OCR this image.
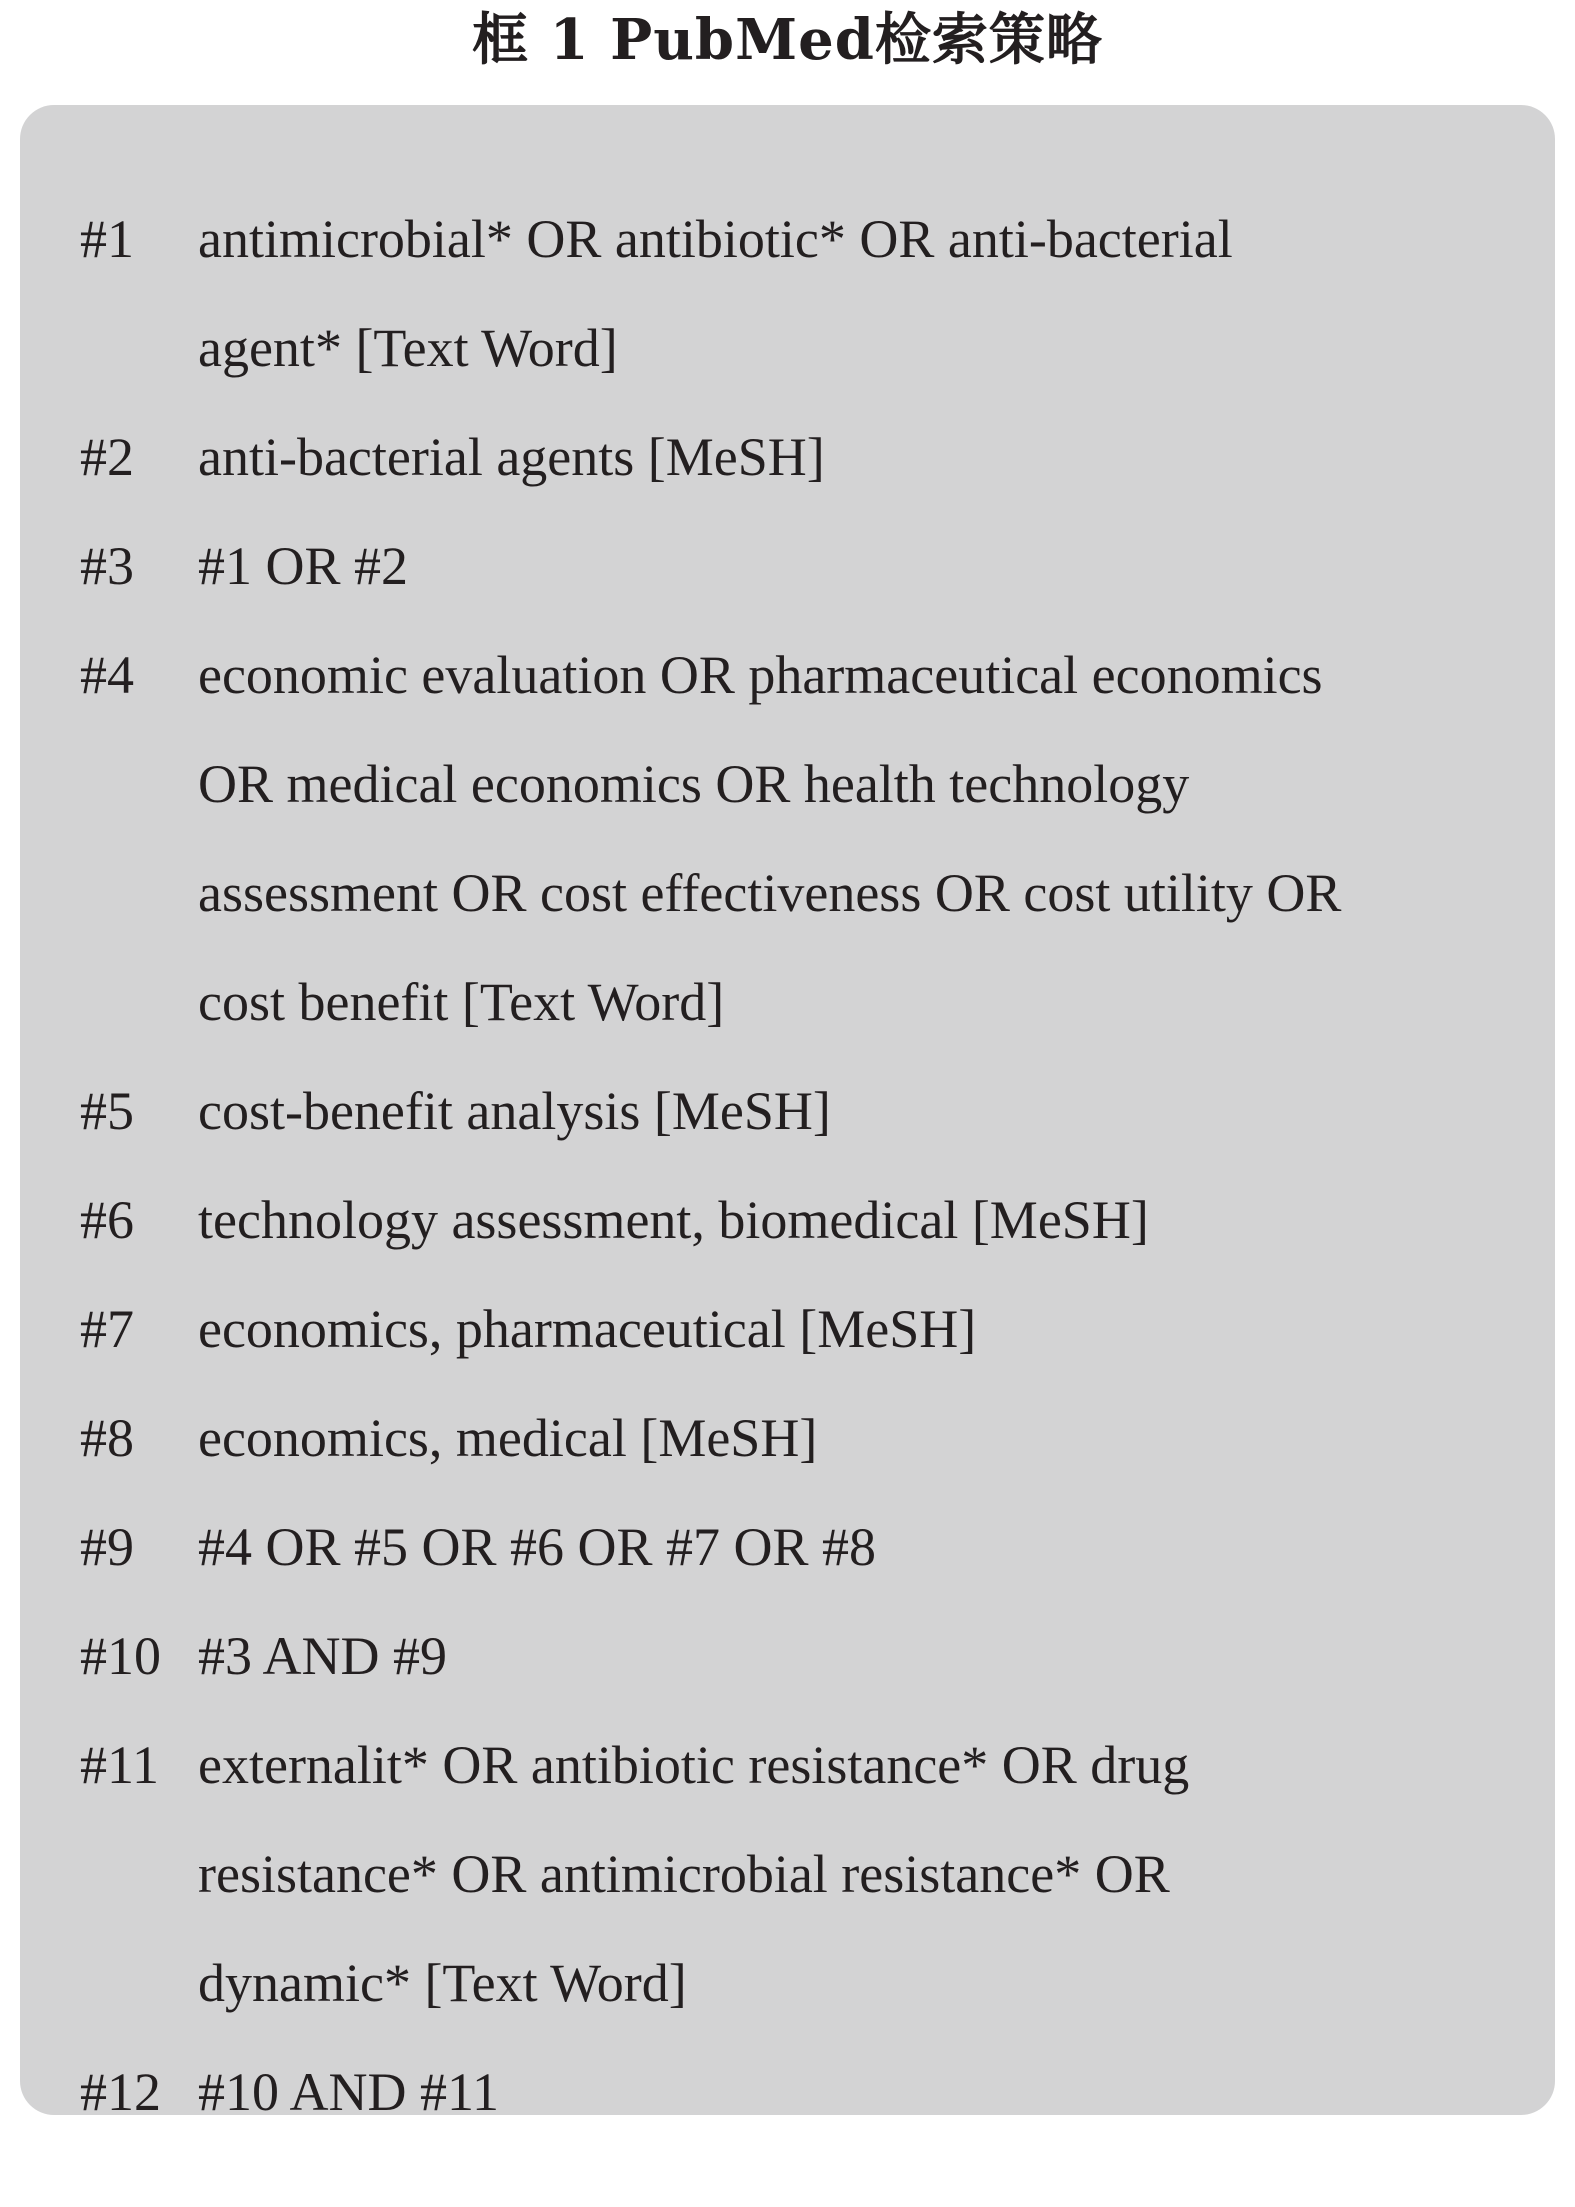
框 1 PubMed检索策略
#1	antimicrobial* OR antibiotic* OR anti-bacterial
agent* [Text Word]
#2	anti-bacterial agents [MeSH]
#3	#1 OR #2
#4	economic evaluation OR pharmaceutical economics
OR medical economics OR health technology
assessment OR cost effectiveness OR cost utility OR
cost benefit [Text Word]
#5	cost-benefit analysis [MeSH]
#6	technology assessment, biomedical [MeSH]
#7	economics, pharmaceutical [MeSH]
#8	economics, medical [MeSH]
#9	#4 OR #5 OR #6 OR #7 OR #8
#10 #3 AND #9
#11 externalit* OR antibiotic resistance* OR drug
resistance* OR antimicrobial resistance* OR
dynamic* [Text Word]
#12 #10 AND #11
